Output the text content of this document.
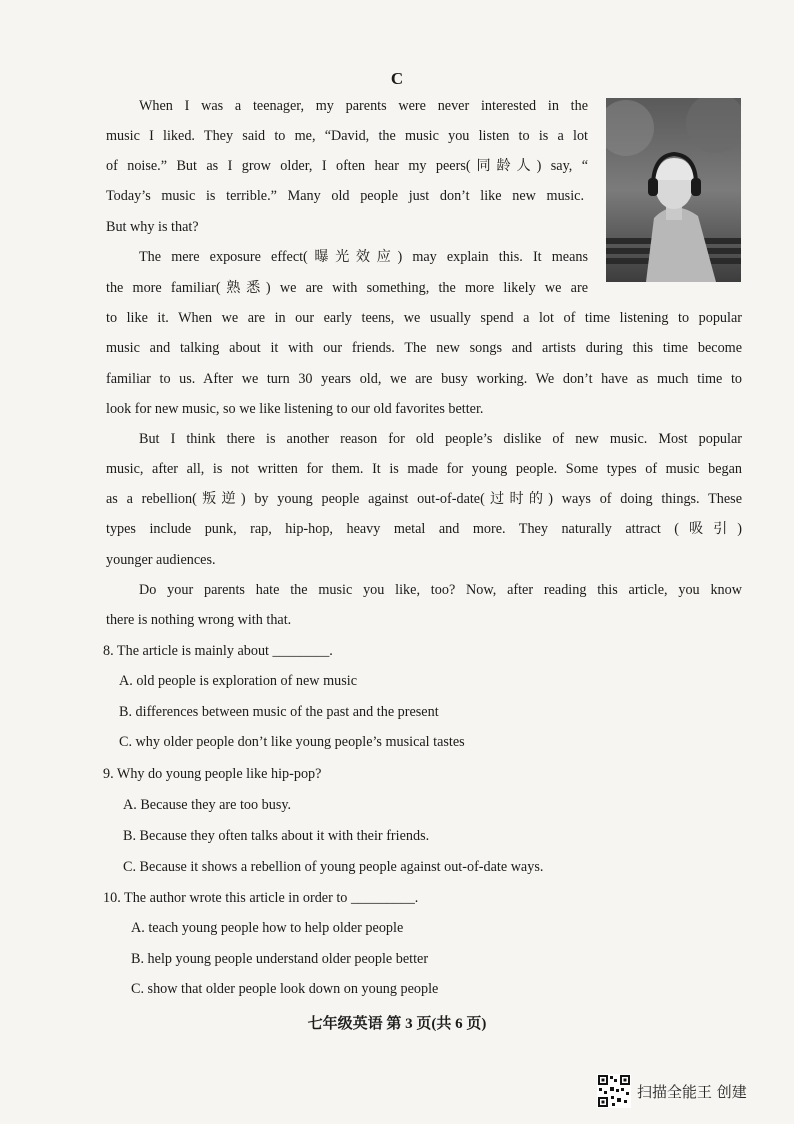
C
When I was a teenager, my parents were never interested in the
music I liked. They said to me, “David, the music you listen to is a lot
of noise.” But as I grow older, I often hear my peers(同龄人) say, “
Today’s music is terrible.” Many old people just don’t like new music.
But why is that?
The mere exposure effect(曝光效应) may explain this. It means
the more familiar(熟悉) we are with something, the more likely we are
to like it. When we are in our early teens, we usually spend a lot of time listening to popular
music and talking about it with our friends. The new songs and artists during this time become
familiar to us. After we turn 30 years old, we are busy working. We don’t have as much time to
look for new music, so we like listening to our old favorites better.
But I think there is another reason for old people’s dislike of new music. Most popular
music, after all, is not written for them. It is made for young people. Some types of music began
as a rebellion(叛逆) by young people against out-of-date(过时的) ways of doing things. These
types include punk, rap, hip-hop, heavy metal and more. They naturally attract (吸引)
younger audiences.
Do your parents hate the music you like, too? Now, after reading this article, you know
there is nothing wrong with that.
8. The article is mainly about ________.
A. old people is exploration of new music
B. differences between music of the past and the present
C. why older people don’t like young people’s musical tastes
9. Why do young people like hip-pop?
A. Because they are too busy.
B. Because they often talks about it with their friends.
C. Because it shows a rebellion of young people against out-of-date ways.
10. The author wrote this article in order to _________.
A. teach young people how to help older people
B. help young people understand older people better
C. show that older people look down on young people
七年级英语 第 3 页(共 6 页)
扫描全能王 创建
